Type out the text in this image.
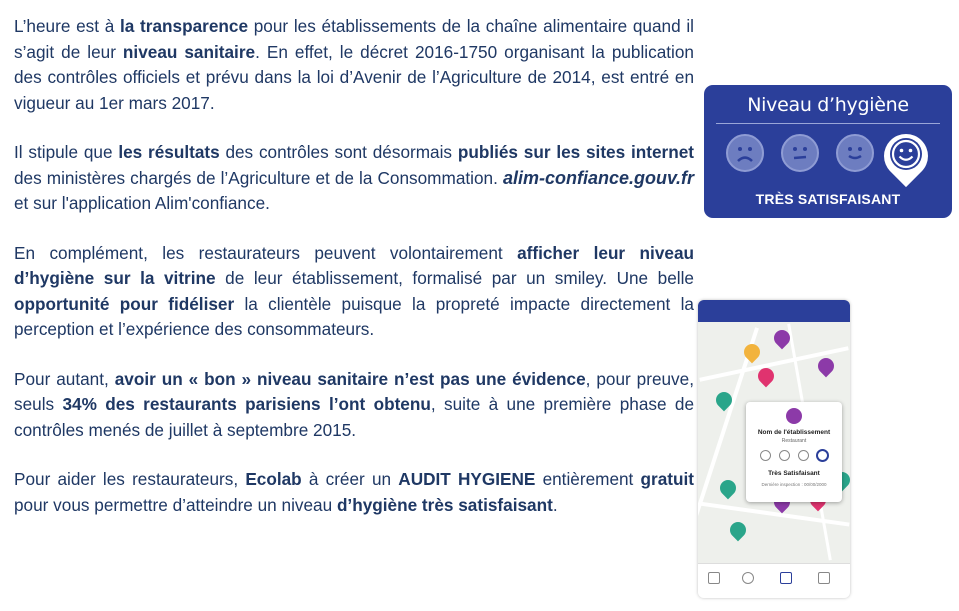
L’heure est à la transparence pour les établissements de la chaîne alimentaire quand il s’agit de leur niveau sanitaire. En effet, le décret 2016-1750 organisant la publication des contrôles officiels et prévu dans la loi d’Avenir de l’Agriculture de 2014, est entré en vigueur au 1er mars 2017.

Il stipule que les résultats des contrôles sont désormais publiés sur les sites internet des ministères chargés de l’Agriculture et de la Consommation. alim-confiance.gouv.fr et sur l'application Alim'confiance.

En complément, les restaurateurs peuvent volontairement afficher leur niveau d’hygiène sur la vitrine de leur établissement, formalisé par un smiley. Une belle opportunité pour fidéliser la clientèle puisque la propreté impacte directement la perception et l’expérience des consommateurs.

Pour autant, avoir un « bon » niveau sanitaire n’est pas une évidence, pour preuve, seuls 34% des restaurants parisiens l’ont obtenu, suite à une première phase de contrôles menés de juillet à septembre 2015.

Pour aider les restaurateurs, Ecolab à créer un AUDIT HYGIENE entièrement gratuit pour vous permettre d’atteindre un niveau d’hygiène très satisfaisant.

Niveau d’hygiène
TRÈS SATISFAISANT
Nom de l'établissement
Restaurant
Très Satisfaisant
Dernière inspection : 00/00/2000
